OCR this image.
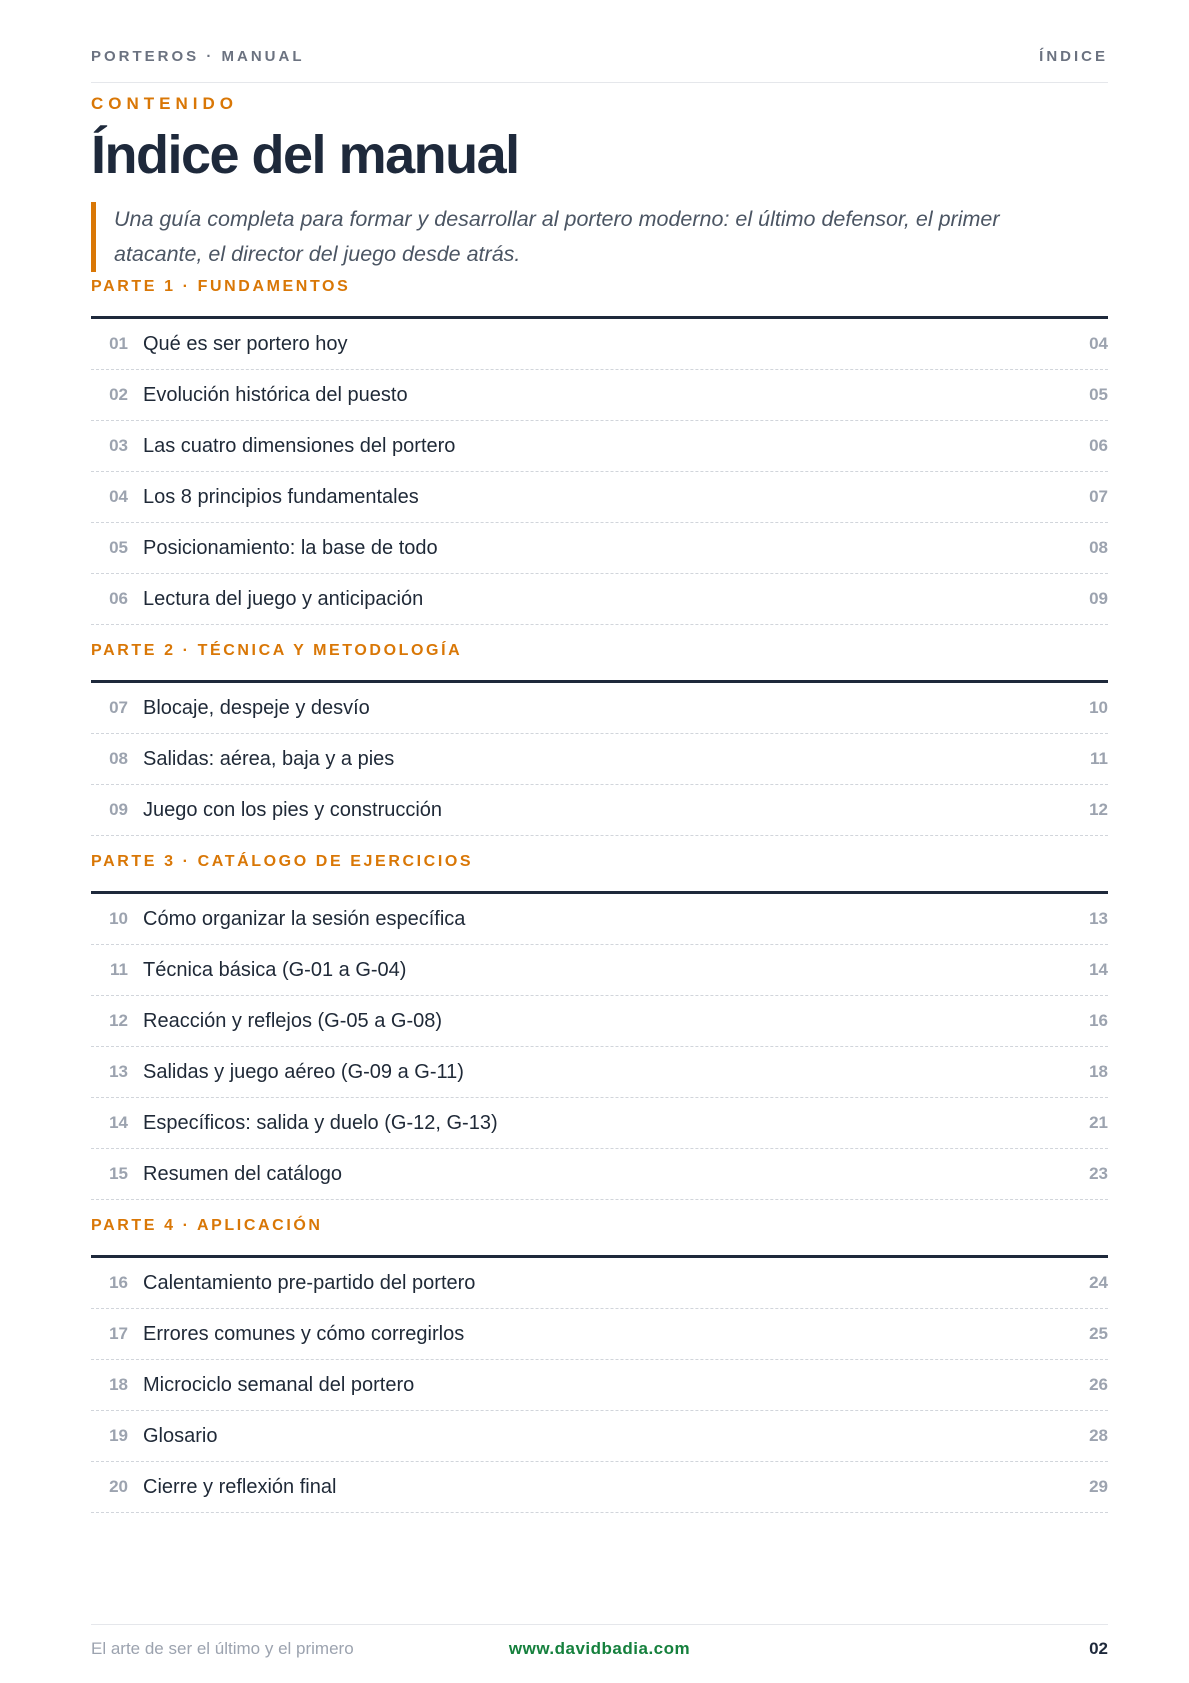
PORTEROS · MANUAL	ÍNDICE
CONTENIDO
Índice del manual

Una guía completa para formar y desarrollar al portero moderno: el último defensor, el primer atacante, el director del juego desde atrás.

PARTE 1 · FUNDAMENTOS
01 Qué es ser portero hoy	04
02 Evolución histórica del puesto	05
03 Las cuatro dimensiones del portero	06
04 Los 8 principios fundamentales	07
05 Posicionamiento: la base de todo	08
06 Lectura del juego y anticipación	09
PARTE 2 · TÉCNICA Y METODOLOGÍA
07 Blocaje, despeje y desvío	10
08 Salidas: aérea, baja y a pies	11
09 Juego con los pies y construcción	12
PARTE 3 · CATÁLOGO DE EJERCICIOS
10 Cómo organizar la sesión específica	13
11 Técnica básica (G-01 a G-04)	14
12 Reacción y reflejos (G-05 a G-08)	16
13 Salidas y juego aéreo (G-09 a G-11)	18
14 Específicos: salida y duelo (G-12, G-13)	21
15 Resumen del catálogo	23
PARTE 4 · APLICACIÓN
16 Calentamiento pre-partido del portero	24
17 Errores comunes y cómo corregirlos	25
18 Microciclo semanal del portero	26
19 Glosario	28
20 Cierre y reflexión final	29
El arte de ser el último y el primero	www.davidbadia.com	02
